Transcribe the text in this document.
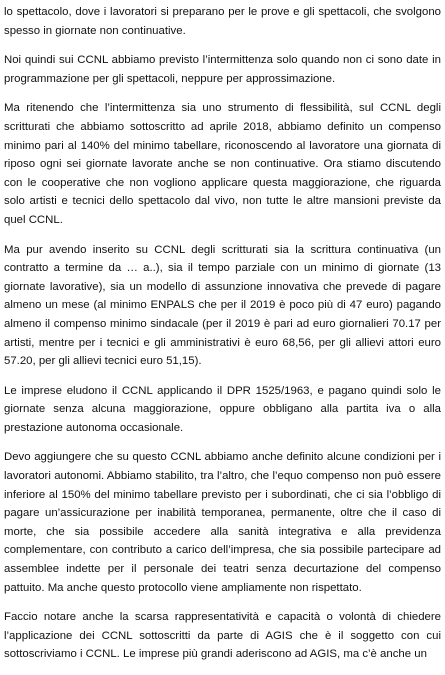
lo spettacolo, dove i lavoratori si preparano per le prove e gli spettacoli, che svolgono spesso in giornate non continuative.

Noi quindi sui CCNL abbiamo previsto l’intermittenza solo quando non ci sono date in programmazione per gli spettacoli, neppure per approssimazione.

Ma ritenendo che l’intermittenza sia uno strumento di flessibilità, sul CCNL degli scritturati che abbiamo sottoscritto ad aprile 2018, abbiamo definito un compenso minimo pari al 140% del minimo tabellare, riconoscendo al lavoratore una giornata di riposo ogni sei giornate lavorate anche se non continuative. Ora stiamo discutendo con le cooperative che non vogliono applicare questa maggiorazione, che riguarda solo artisti e tecnici dello spettacolo dal vivo, non tutte le altre mansioni previste da quel CCNL.

Ma pur avendo inserito su CCNL degli scritturati sia la scrittura continuativa (un contratto a termine da … a..), sia il tempo parziale con un minimo di giornate (13 giornate lavorative), sia un modello di assunzione innovativa che prevede di pagare almeno un mese (al minimo ENPALS che per il 2019 è poco più di 47 euro) pagando almeno il compenso minimo sindacale (per il 2019 è pari ad euro giornalieri 70.17 per artisti, mentre per i tecnici e gli amministrativi è euro 68,56, per gli allievi attori euro 57.20, per gli allievi tecnici euro 51,15).

Le imprese eludono il CCNL applicando il DPR 1525/1963, e pagano quindi solo le giornate senza alcuna maggiorazione, oppure obbligano alla partita iva o alla prestazione autonoma occasionale.

Devo aggiungere che su questo CCNL abbiamo anche definito alcune condizioni per i lavoratori autonomi. Abbiamo stabilito, tra l’altro, che l’equo compenso non può essere inferiore al 150% del minimo tabellare previsto per i subordinati, che ci sia l’obbligo di pagare un’assicurazione per inabilità temporanea, permanente, oltre che il caso di morte, che sia possibile accedere alla sanità integrativa e alla previdenza complementare, con contributo a carico dell’impresa, che sia possibile partecipare ad assemblee indette per il personale dei teatri senza decurtazione del compenso pattuito. Ma anche questo protocollo viene ampliamente non rispettato.

Faccio notare anche la scarsa rappresentatività e capacità o volontà di chiedere l’applicazione dei CCNL sottoscritti da parte di AGIS che è il soggetto con cui sottoscriviamo i CCNL. Le imprese più grandi aderiscono ad AGIS, ma c’è anche un
